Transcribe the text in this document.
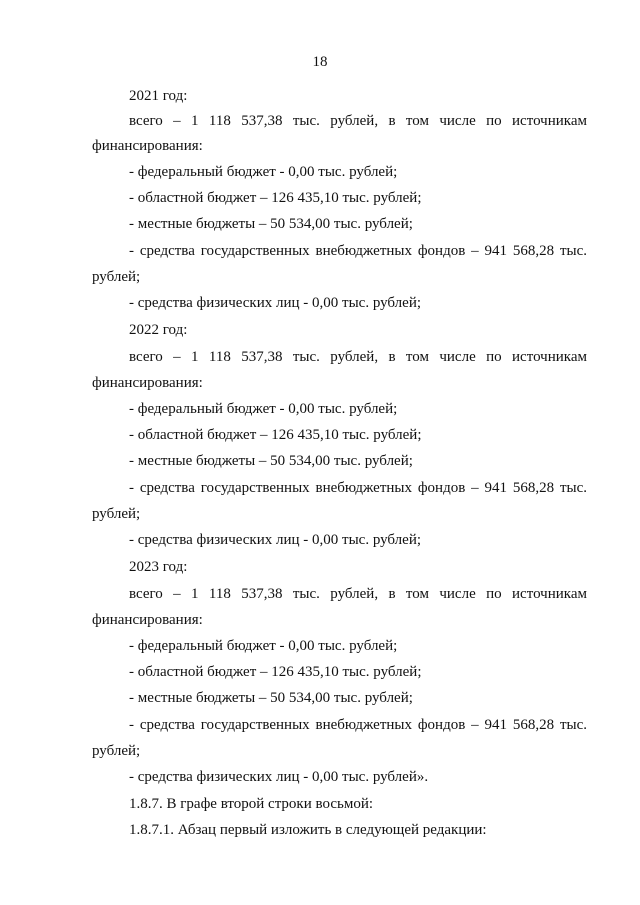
18
2021 год:
всего – 1 118 537,38 тыс. рублей, в том числе по источникам
финансирования:
- федеральный бюджет - 0,00 тыс. рублей;
- областной бюджет – 126 435,10 тыс. рублей;
- местные бюджеты – 50 534,00 тыс. рублей;
- средства государственных внебюджетных фондов – 941 568,28 тыс.
рублей;
- средства физических лиц - 0,00 тыс. рублей;
2022 год:
всего – 1 118 537,38 тыс. рублей, в том числе по источникам
финансирования:
- федеральный бюджет - 0,00 тыс. рублей;
- областной бюджет – 126 435,10 тыс. рублей;
- местные бюджеты – 50 534,00 тыс. рублей;
- средства государственных внебюджетных фондов – 941 568,28 тыс.
рублей;
- средства физических лиц - 0,00 тыс. рублей;
2023 год:
всего – 1 118 537,38 тыс. рублей, в том числе по источникам
финансирования:
- федеральный бюджет - 0,00 тыс. рублей;
- областной бюджет – 126 435,10 тыс. рублей;
- местные бюджеты – 50 534,00 тыс. рублей;
- средства государственных внебюджетных фондов – 941 568,28 тыс.
рублей;
- средства физических лиц - 0,00 тыс. рублей».
1.8.7. В графе второй строки восьмой:
1.8.7.1. Абзац первый изложить в следующей редакции:
